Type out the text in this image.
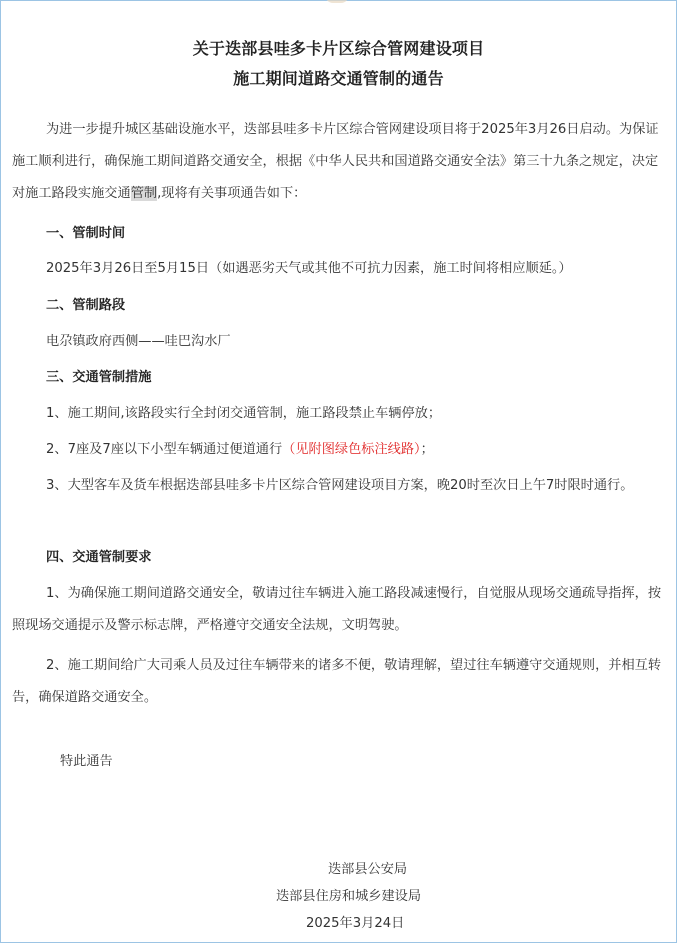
关于迭部县哇多卡片区综合管网建设项目
施工期间道路交通管制的通告
为进一步提升城区基础设施水平，迭部县哇多卡片区综合管网建设项目将于2025年3月26日启动。为保证施工顺利进行，确保施工期间道路交通安全，根据《中华人民共和国道路交通安全法》第三十九条之规定，决定对施工路段实施交通管制,现将有关事项通告如下：
一、管制时间
2025年3月26日至5月15日（如遇恶劣天气或其他不可抗力因素，施工时间将相应顺延。）
二、管制路段
电尕镇政府西侧——哇巴沟水厂
三、交通管制措施
1、施工期间,该路段实行全封闭交通管制，施工路段禁止车辆停放；
2、7座及7座以下小型车辆通过便道通行（见附图绿色标注线路）；
3、大型客车及货车根据迭部县哇多卡片区综合管网建设项目方案，晚20时至次日上午7时限时通行。
四、交通管制要求
1、为确保施工期间道路交通安全，敬请过往车辆进入施工路段减速慢行，自觉服从现场交通疏导指挥，按照现场交通提示及警示标志牌，严格遵守交通安全法规，文明驾驶。
2、施工期间给广大司乘人员及过往车辆带来的诸多不便，敬请理解，望过往车辆遵守交通规则，并相互转告，确保道路交通安全。
特此通告
迭部县公安局
迭部县住房和城乡建设局
2025年3月24日
